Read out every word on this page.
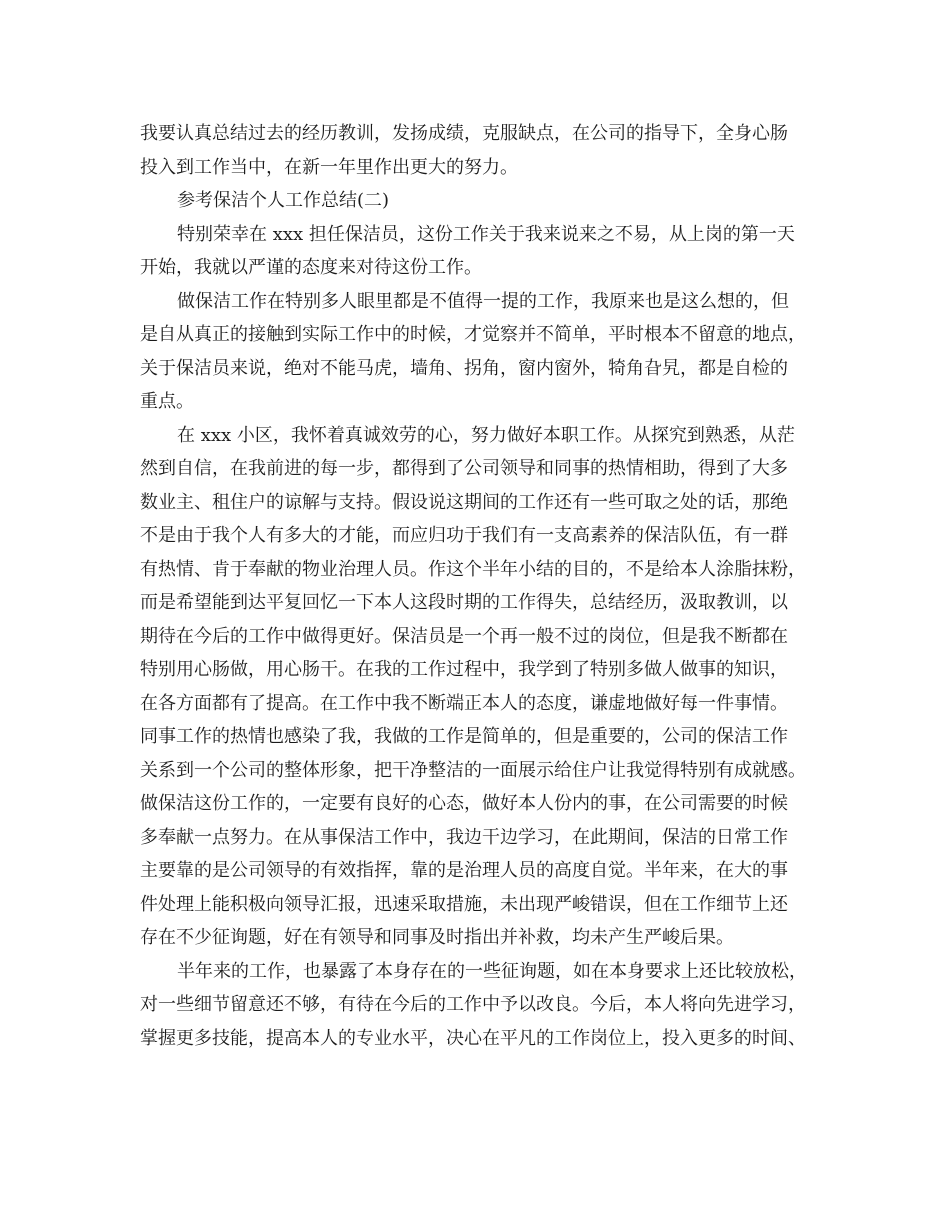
我要认真总结过去的经历教训，发扬成绩，克服缺点，在公司的指导下，全身心肠
投入到工作当中，在新一年里作出更大的努力。
参考保洁个人工作总结(二)
特别荣幸在 xxx 担任保洁员，这份工作关于我来说来之不易，从上岗的第一天
开始，我就以严谨的态度来对待这份工作。
做保洁工作在特别多人眼里都是不值得一提的工作，我原来也是这么想的，但
是自从真正的接触到实际工作中的时候，才觉察并不简单，平时根本不留意的地点，
关于保洁员来说，绝对不能马虎，墙角、拐角，窗内窗外，犄角旮旯，都是自检的
重点。
在 xxx 小区，我怀着真诚效劳的心，努力做好本职工作。从探究到熟悉，从茫
然到自信，在我前进的每一步，都得到了公司领导和同事的热情相助，得到了大多
数业主、租住户的谅解与支持。假设说这期间的工作还有一些可取之处的话，那绝
不是由于我个人有多大的才能，而应归功于我们有一支高素养的保洁队伍，有一群
有热情、肯于奉献的物业治理人员。作这个半年小结的目的，不是给本人涂脂抹粉，
而是希望能到达平复回忆一下本人这段时期的工作得失，总结经历，汲取教训，以
期待在今后的工作中做得更好。保洁员是一个再一般不过的岗位，但是我不断都在
特别用心肠做，用心肠干。在我的工作过程中，我学到了特别多做人做事的知识，
在各方面都有了提高。在工作中我不断端正本人的态度，谦虚地做好每一件事情。
同事工作的热情也感染了我，我做的工作是简单的，但是重要的，公司的保洁工作
关系到一个公司的整体形象，把干净整洁的一面展示给住户让我觉得特别有成就感。
做保洁这份工作的，一定要有良好的心态，做好本人份内的事，在公司需要的时候
多奉献一点努力。在从事保洁工作中，我边干边学习，在此期间，保洁的日常工作
主要靠的是公司领导的有效指挥，靠的是治理人员的高度自觉。半年来，在大的事
件处理上能积极向领导汇报，迅速采取措施，未出现严峻错误，但在工作细节上还
存在不少征询题，好在有领导和同事及时指出并补救，均未产生严峻后果。
半年来的工作，也暴露了本身存在的一些征询题，如在本身要求上还比较放松，
对一些细节留意还不够，有待在今后的工作中予以改良。今后，本人将向先进学习，
掌握更多技能，提高本人的专业水平，决心在平凡的工作岗位上，投入更多的时间、
